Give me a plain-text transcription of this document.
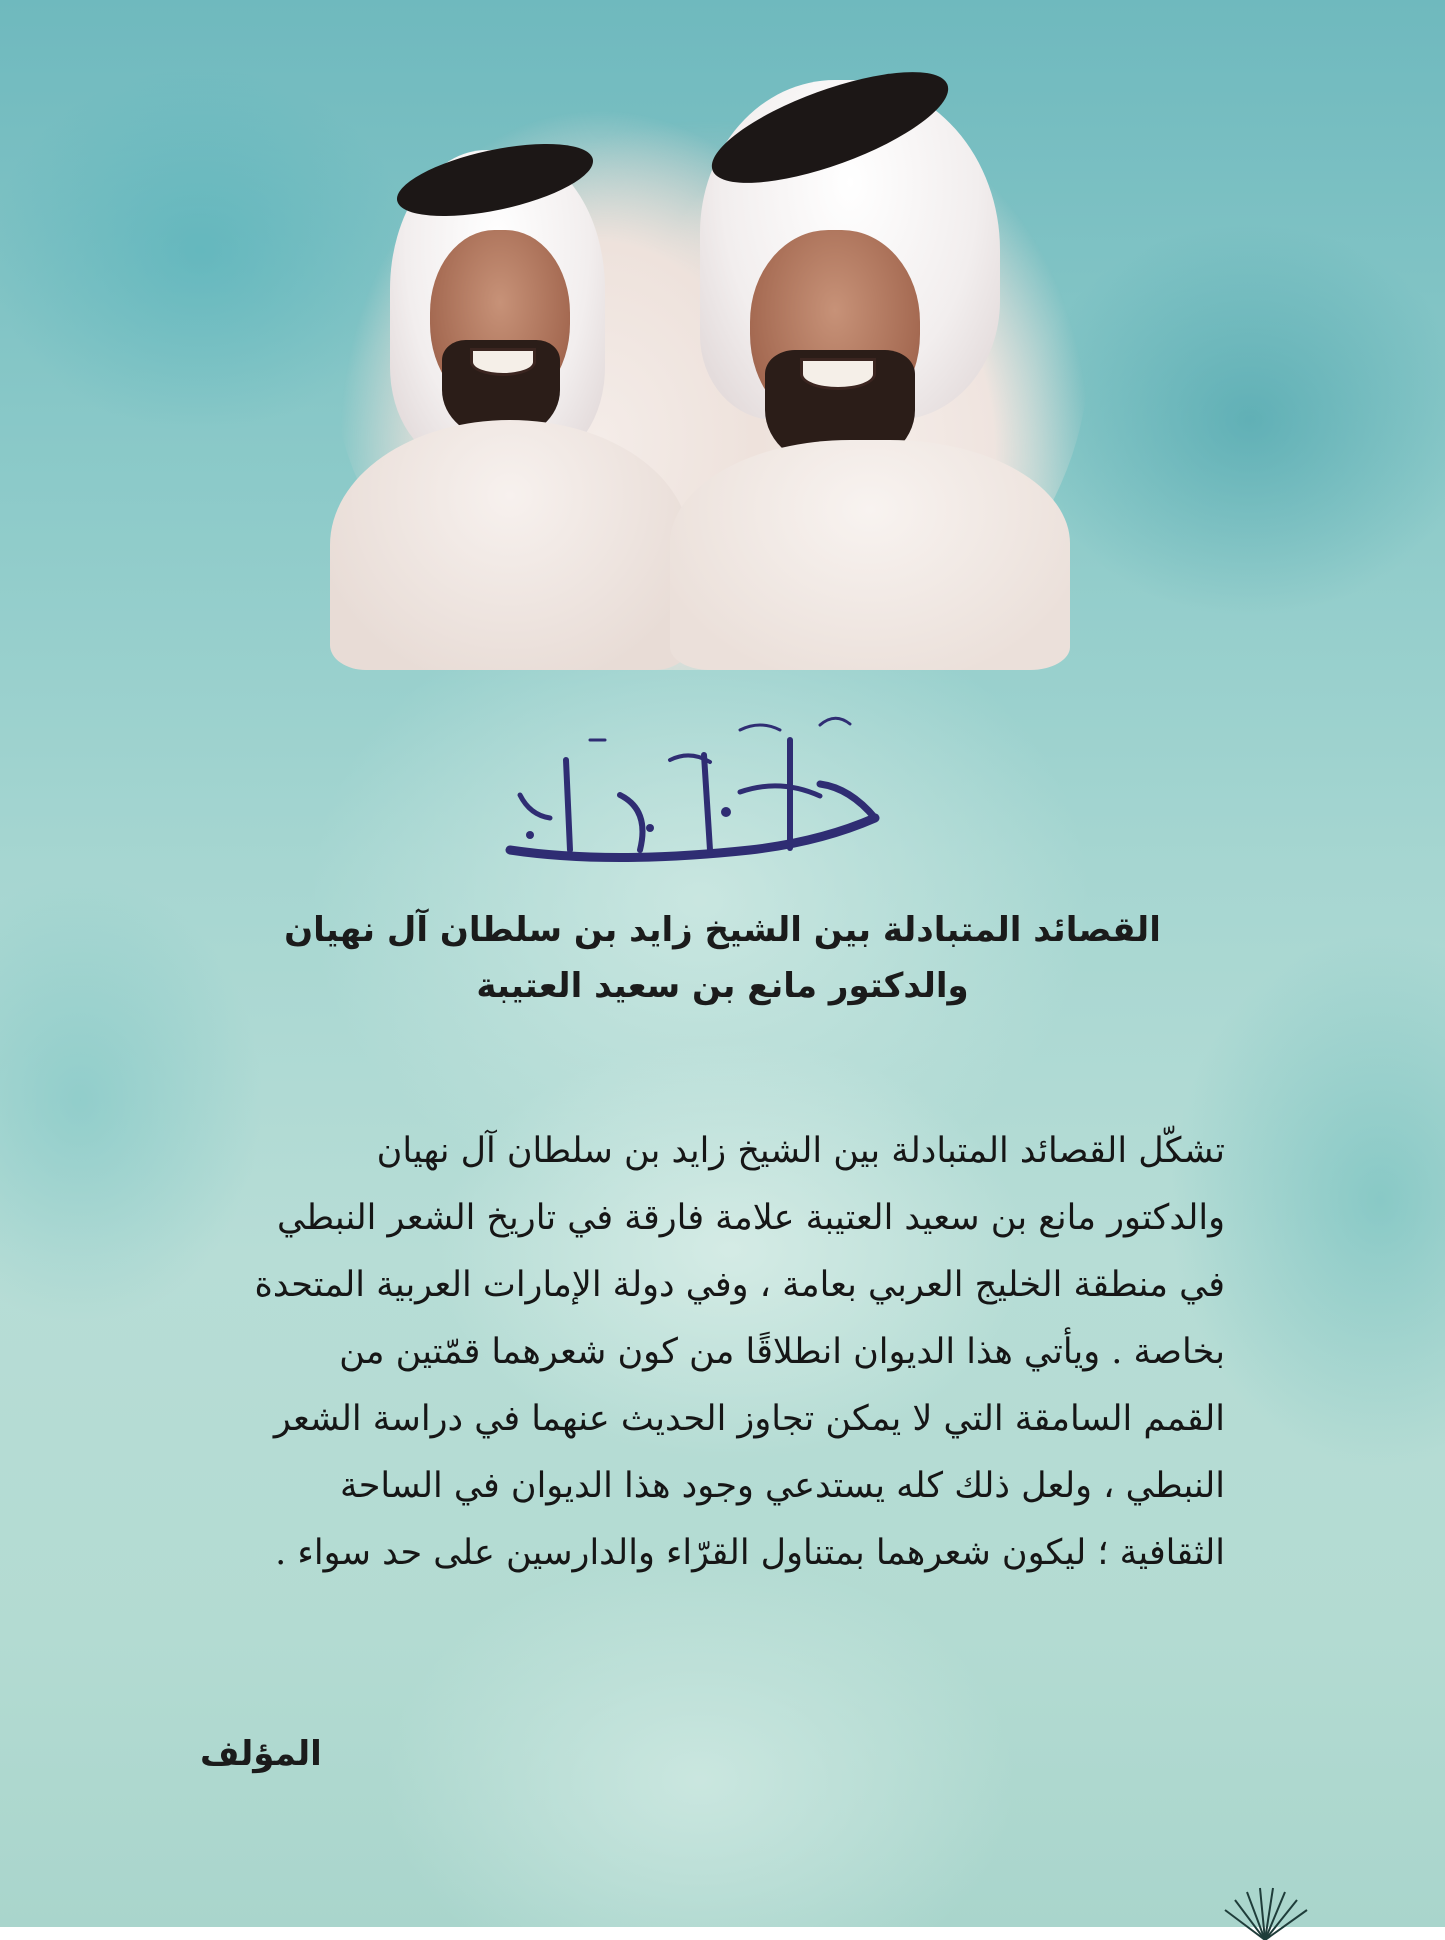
كنز الدار
القصائد المتبادلة بين الشيخ زايد بن سلطان آل نهيان
والدكتور مانع بن سعيد العتيبة

تشكّل القصائد المتبادلة بين الشيخ زايد بن سلطان آل نهيان

والدكتور مانع بن سعيد العتيبة علامة فارقة في تاريخ الشعر النبطي

في منطقة الخليج العربي بعامة ، وفي دولة الإمارات العربية المتحدة

بخاصة . ويأتي هذا الديوان انطلاقًا من كون شعرهما قمّتين من

القمم السامقة التي لا يمكن تجاوز الحديث عنهما في دراسة الشعر

النبطي ، ولعل ذلك كله يستدعي وجود هذا الديوان في الساحة

الثقافية ؛ ليكون شعرهما بمتناول القرّاء والدارسين على حد سواء .

المؤلف
